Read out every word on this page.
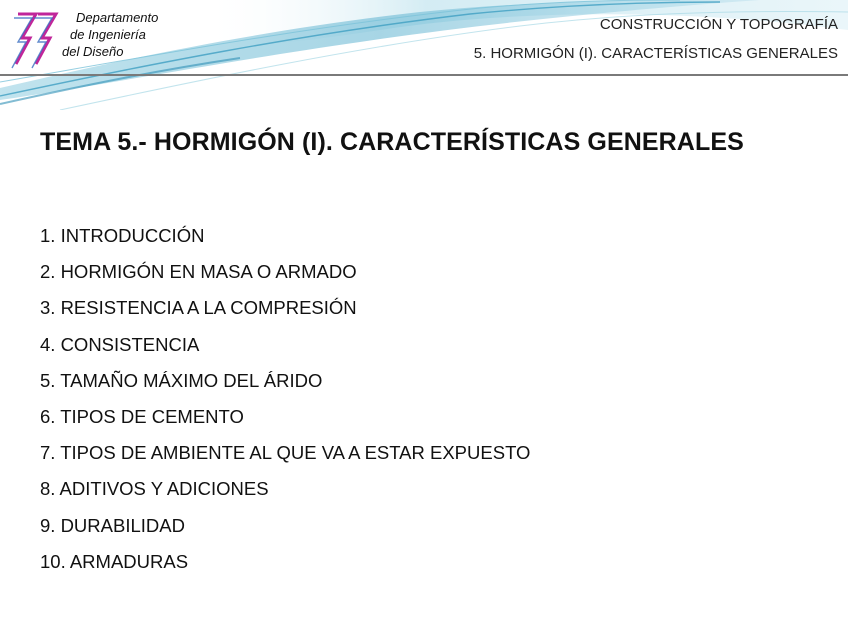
Departamento
de Ingeniería
del Diseño
CONSTRUCCIÓN Y TOPOGRAFÍA
5. HORMIGÓN (I). CARACTERÍSTICAS GENERALES
TEMA 5.- HORMIGÓN (I). CARACTERÍSTICAS GENERALES
1. INTRODUCCIÓN
2. HORMIGÓN EN MASA O ARMADO
3. RESISTENCIA A LA COMPRESIÓN
4. CONSISTENCIA
5. TAMAÑO MÁXIMO DEL ÁRIDO
6. TIPOS DE CEMENTO
7. TIPOS DE AMBIENTE AL QUE VA A ESTAR EXPUESTO
8. ADITIVOS Y ADICIONES
9. DURABILIDAD
10. ARMADURAS
